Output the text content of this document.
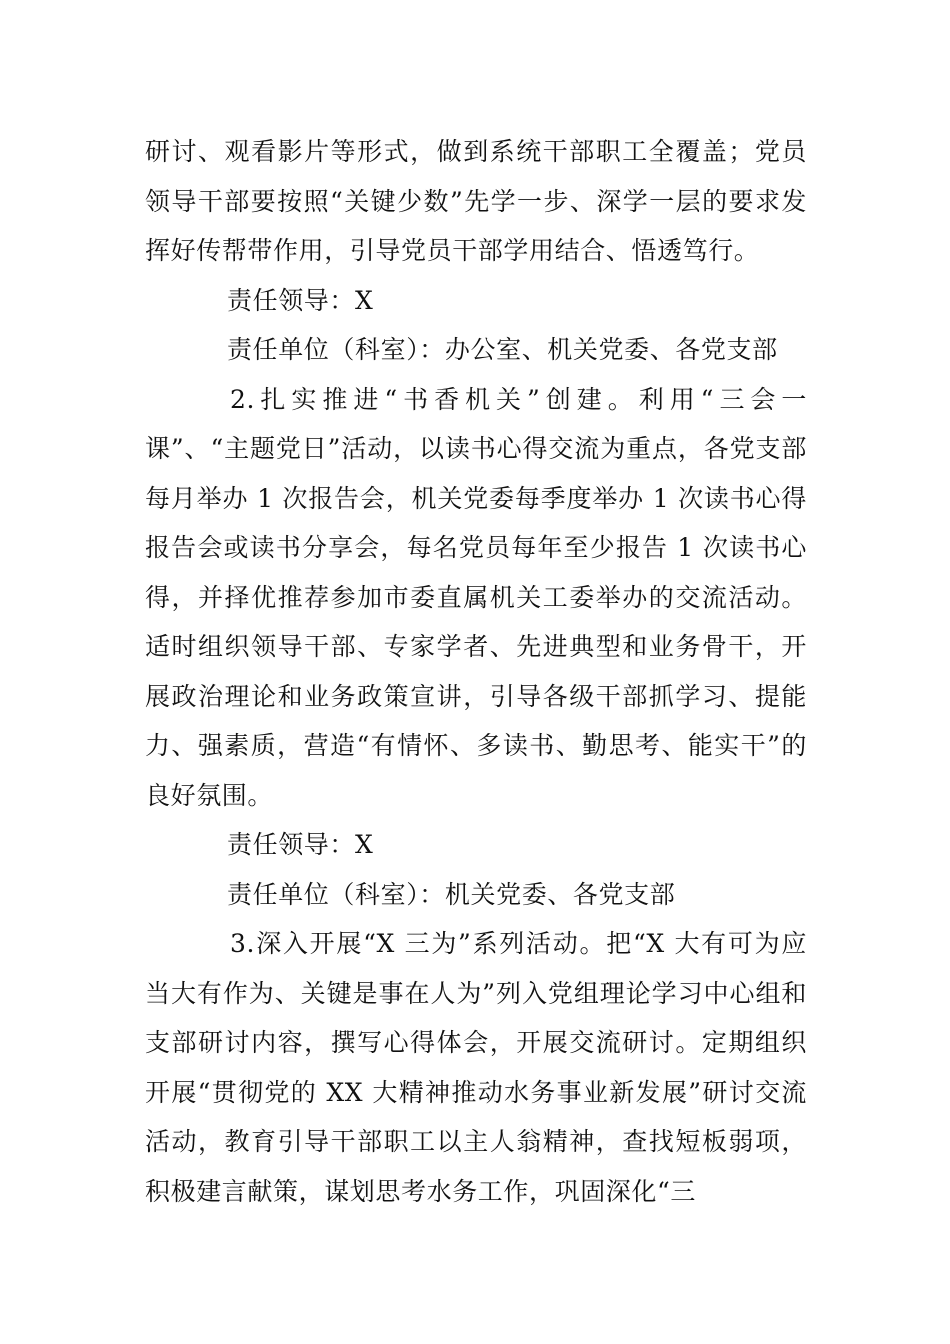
研讨、观看影片等形式，做到系统干部职工全覆盖；党员领导干部要按照“关键少数”先学一步、深学一层的要求发挥好传帮带作用，引导党员干部学用结合、悟透笃行。

责任领导：X

责任单位（科室）：办公室、机关党委、各党支部

2.扎实推进“书香机关”创建。利用“三会一课”、“主题党日”活动，以读书心得交流为重点，各党支部每月举办 1 次报告会，机关党委每季度举办 1 次读书心得报告会或读书分享会，每名党员每年至少报告 1 次读书心得，并择优推荐参加市委直属机关工委举办的交流活动。适时组织领导干部、专家学者、先进典型和业务骨干，开展政治理论和业务政策宣讲，引导各级干部抓学习、提能力、强素质，营造“有情怀、多读书、勤思考、能实干”的良好氛围。

责任领导：X

责任单位（科室）：机关党委、各党支部

3.深入开展“X 三为”系列活动。把“X 大有可为应当大有作为、关键是事在人为”列入党组理论学习中心组和支部研讨内容，撰写心得体会，开展交流研讨。定期组织开展“贯彻党的 XX 大精神推动水务事业新发展”研讨交流活动，教育引导干部职工以主人翁精神，查找短板弱项，积极建言献策，谋划思考水务工作，巩固深化“三
